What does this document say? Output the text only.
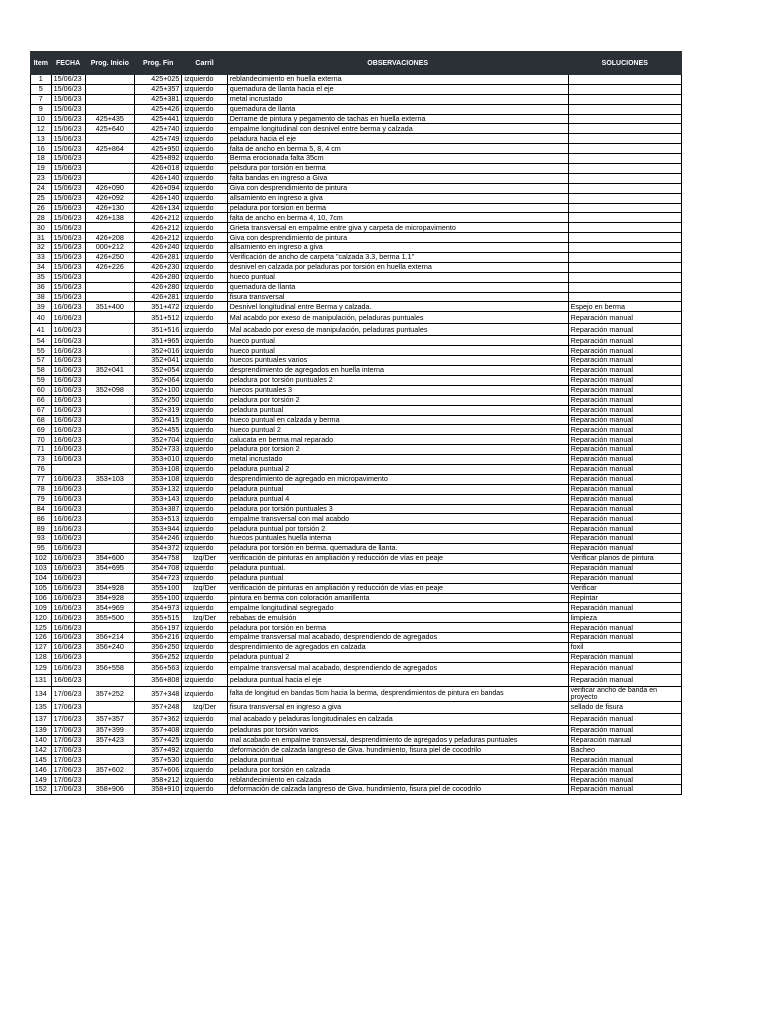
Item	FECHA	Prog. Inicio	Prog. Fin	Carril	OBSERVACIONES	SOLUCIONES
1	15/06/23		425+025	izquierdo	reblandecimiento en huella externa	
5	15/06/23		425+357	izquierdo	quemadura de llanta hacia el eje	
7	15/06/23		425+381	izquierdo	metal incrustado	
9	15/06/23		425+426	izquierdo	quemadura de llanta	
10	15/06/23	425+435	425+441	izquierdo	Derrame de pintura y pegamento de tachas en huella externa	
12	15/06/23	425+640	425+740	izquierdo	empalme longitudinal con desnivel entre berma y calzada	
13	15/06/23		425+749	izquierdo	peladura hacia el eje	
16	15/06/23	425+864	425+950	izquierdo	falta de ancho en berma 5, 8, 4 cm	
18	15/06/23		425+892	izquierdo	Berma erocionada falta 35cm	
19	15/06/23		426+018	izquierdo	pelsdura por torsión en berma	
23	15/06/23		426+140	izquierdo	falta bandas en ingreso a Giva	
24	15/06/23	426+090	426+094	izquierdo	Giva con desprendimiento de pintura	
25	15/06/23	426+092	426+140	izquierdo	allsamiento en ingreso a giva	
26	15/06/23	426+130	426+134	izquierdo	peladura por torsion en berma	
28	15/06/23	426+138	426+212	izquierdo	falta de ancho en berma 4, 10, 7cm	
30	15/06/23		426+212	izquierdo	Grieta transversal en empalme entre giva y carpeta de micropavimento	
31	15/06/23	426+208	426+212	izquierdo	Giva con desprendimiento de pintura	
32	15/06/23	000+212	426+240	izquierdo	allsamiento en ingreso a giva	
33	15/06/23	426+250	426+281	izquierdo	Verificación de ancho de carpeta "calzada 3.3, berma 1.1"	
34	15/06/23	426+226	426+230	izquierdo	desnivel en calzada por peladuras por torsión en huella externa	
35	15/06/23		426+280	izquierdo	hueco puntual	
36	15/06/23		426+280	izquierdo	quemadura de llanta	
38	15/06/23		426+281	izquierdo	fisura transversal	
39	16/06/23	351+400	351+472	izquierdo	Desnivel longitudinal entre Berma y calzada.	Espejo en berma
40	16/06/23		351+512	izquierdo	Mal acabdo por exeso de manipulación, peladuras puntuales	Reparación manual
41	16/06/23		351+516	izquierdo	Mal acabado por exeso de manipulación, peladuras puntuales	Reparación manual
54	16/06/23		351+965	izquierdo	hueco puntual	Reparación manual
55	16/06/23		352+016	izquierdo	hueco puntual	Reparación manual
57	16/06/23		352+041	izquierdo	huecos puntuales varios	Reparación manual
58	16/06/23	352+041	352+054	izquierdo	desprendimiento de agregados en huella interna	Reparación manual
59	16/06/23		352+064	izquierdo	peladura por torsión puntuales 2	Reparación manual
60	16/06/23	352+098	352+100	izquierdo	huecos puntuales 3	Reparación manual
66	16/06/23		352+250	izquierdo	peladura por torsión 2	Reparación manual
67	16/06/23		352+319	izquierdo	peladura puntual	Reparación manual
68	16/06/23		352+415	izquierdo	hueco puntual en calzada y berma	Reparación manual
69	16/06/23		352+455	izquierdo	hueco puntual 2	Reparación manual
70	16/06/23		352+704	izquierdo	calucata en berma mal reparado	Reparación manual
71	16/06/23		352+733	izquierdo	peladura por torsion 2	Reparación manual
73	16/06/23		353+010	izquierdo	metal incrustado	Reparación manual
76			353+108	izquierdo	peladura puntual 2	Reparación manual
77	16/06/23	353+103	353+108	izquierdo	desprendimiento de agregado en micropavimento	Reparación manual
78	16/06/23		353+132	izquierdo	peladura puntual	Reparación manual
79	16/06/23		353+143	izquierdo	peladura puntual 4	Reparación manual
84	16/06/23		353+387	izquierdo	peladura por torsión puntuales 3	Reparación manual
86	16/06/23		353+513	izquierdo	empalme transversal con mal acabdo	Reparación manual
89	16/06/23		353+944	izquierdo	peladura puntual por torsión 2	Reparación manual
93	16/06/23		354+246	izquierdo	huecos puntuales huella interna	Reparación manual
95	16/06/23		354+372	izquierdo	peladura por torsión en berma. quemadura de llanta.	Reparación manual
102	16/06/23	354+600	354+758	Izq/Der	verificación de pinturas en ampliación y reducción de vías en peaje	Verificar planos de pintura
103	16/06/23	354+695	354+708	izquierdo	peladura puntual.	Reparación manual
104	16/06/23		354+723	izquierdo	peladura puntual	Reparación manual
105	16/06/23	354+928	355+100	Izq/Der	verificación de pinturas en ampliación y reducción de vías en peaje	Verificar
106	16/06/23	354+928	355+100	izquierdo	pintura en berma con coloración amarillenta	Repintar
109	16/06/23	354+969	354+973	izquierdo	empalme longitudinal segregado	Reparación manual
120	16/06/23	355+500	355+515	Izq/Der	rebabas de emulsión	limpieza
125	16/06/23		356+197	izquierdo	peladura por torsión en berma	Reparación manual
126	16/06/23	356+214	356+216	izquierdo	empalme transversal mal acabado, desprendiendo de agregados	Reparación manual
127	16/06/23	356+240	356+250	izquierdo	desprendimiento de agregados en calzada	foxil
128	16/06/23		356+252	izquierdo	peladura puntual 2	Reparación manual
129	16/06/23	356+558	356+563	izquierdo	empalme transversal mal acabado, desprendiendo de agregados	Reparación manual
131	16/06/23		356+808	izquierdo	peladura puntual hacia el eje	Reparación manual
134	17/06/23	357+252	357+348	izquierdo	falta de longitud en bandas 5cm hacia la berma, desprendimientos de pintura en bandas	verificar ancho de banda en proyecto
135	17/06/23		357+248	Izq/Der	fisura transversal en ingreso a giva	sellado de fisura
137	17/06/23	357+357	357+362	izquierdo	mal acabado y peladuras longitudinales en calzada	Reparación manual
139	17/06/23	357+399	357+408	izquierdo	peladuras por torsión varios	Reparación manual
140	17/06/23	357+423	357+425	izquierdo	mal acabado en empalme transversal, desprendimiento de agregados y peladuras puntuales	Reparación manual
142	17/06/23		357+492	izquierdo	deformación de calzada langreso de Giva. hundimiento, fisura piel de cocodrilo	Bacheo
145	17/06/23		357+530	izquierdo	peladura puntual	Reparación manual
146	17/06/23	357+602	357+606	izquierdo	peladura por torsión en calzada	Reparación manual
149	17/06/23		358+212	izquierdo	reblandecimiento en calzada	Reparación manual
152	17/06/23	358+906	358+910	izquierdo	deformación de calzada langreso de Giva. hundimiento, fisura piel de cocodrilo	Reparación manual
